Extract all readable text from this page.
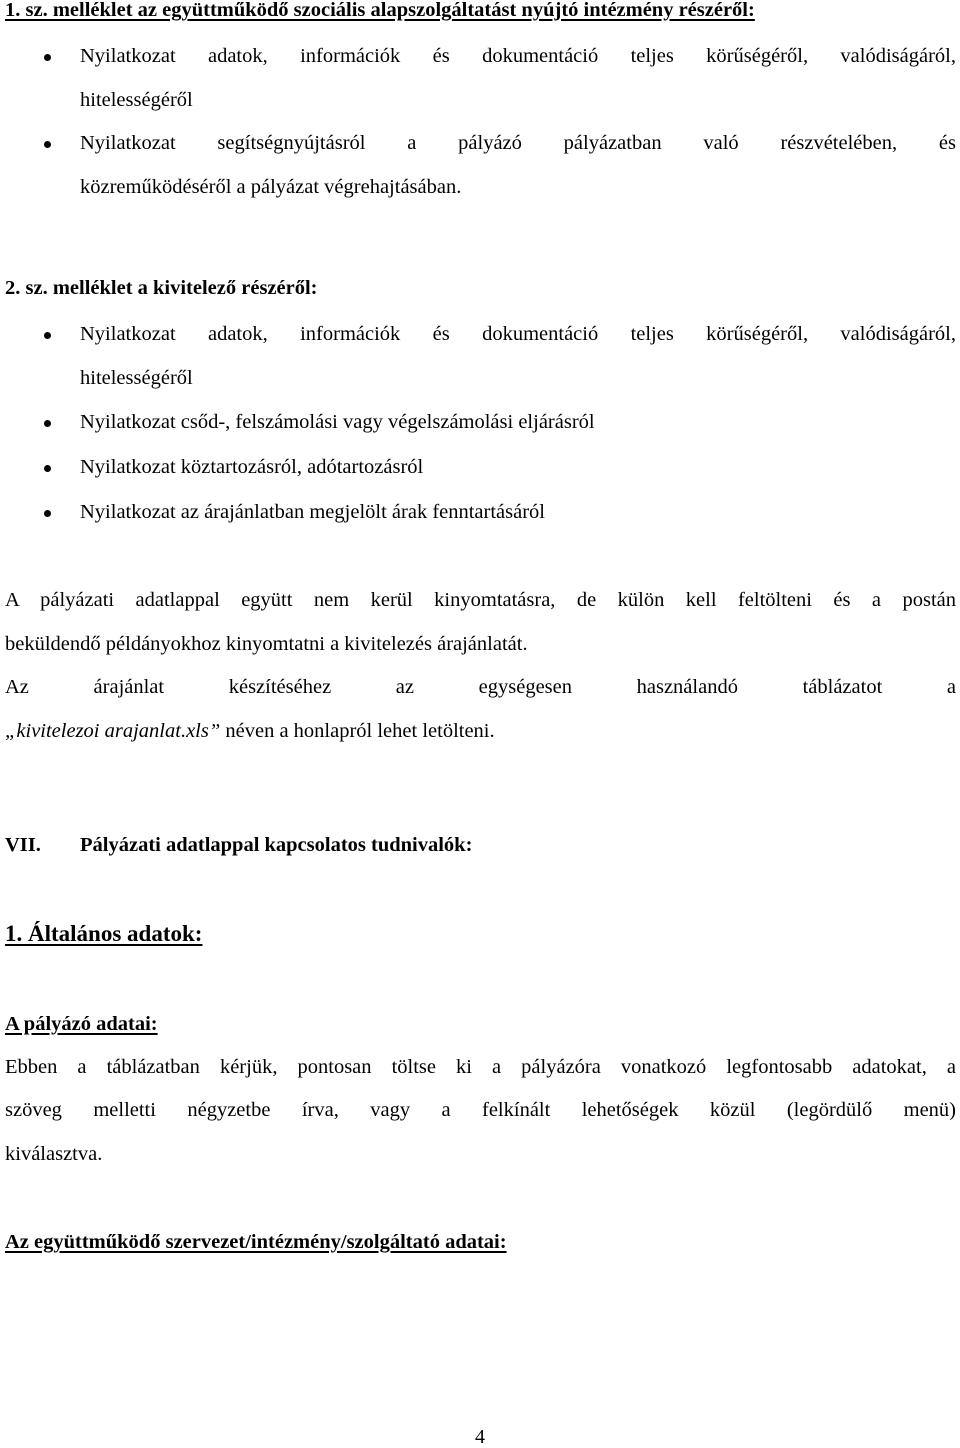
1. sz. melléklet az együttműködő szociális alapszolgáltatást nyújtó intézmény részéről:
Nyilatkozat adatok, információk és dokumentáció teljes körűségéről, valódiságáról,
hitelességéről
Nyilatkozat segítségnyújtásról a pályázó pályázatban való részvételében, és
közreműködéséről a pályázat végrehajtásában.
2. sz. melléklet a kivitelező részéről:
Nyilatkozat adatok, információk és dokumentáció teljes körűségéről, valódiságáról,
hitelességéről
Nyilatkozat csőd-, felszámolási vagy végelszámolási eljárásról
Nyilatkozat köztartozásról, adótartozásról
Nyilatkozat az árajánlatban megjelölt árak fenntartásáról
A pályázati adatlappal együtt nem kerül kinyomtatásra, de külön kell feltölteni és a postán
beküldendő példányokhoz kinyomtatni a kivitelezés árajánlatát.
Az árajánlat készítéséhez az egységesen használandó táblázatot a
„kivitelezoi arajanlat.xls” néven a honlapról lehet letölteni.
VII. Pályázati adatlappal kapcsolatos tudnivalók:
1. Általános adatok:
A pályázó adatai:
Ebben a táblázatban kérjük, pontosan töltse ki a pályázóra vonatkozó legfontosabb adatokat, a
szöveg melletti négyzetbe írva, vagy a felkínált lehetőségek közül (legördülő menü)
kiválasztva.
Az együttműködő szervezet/intézmény/szolgáltató adatai:
4
